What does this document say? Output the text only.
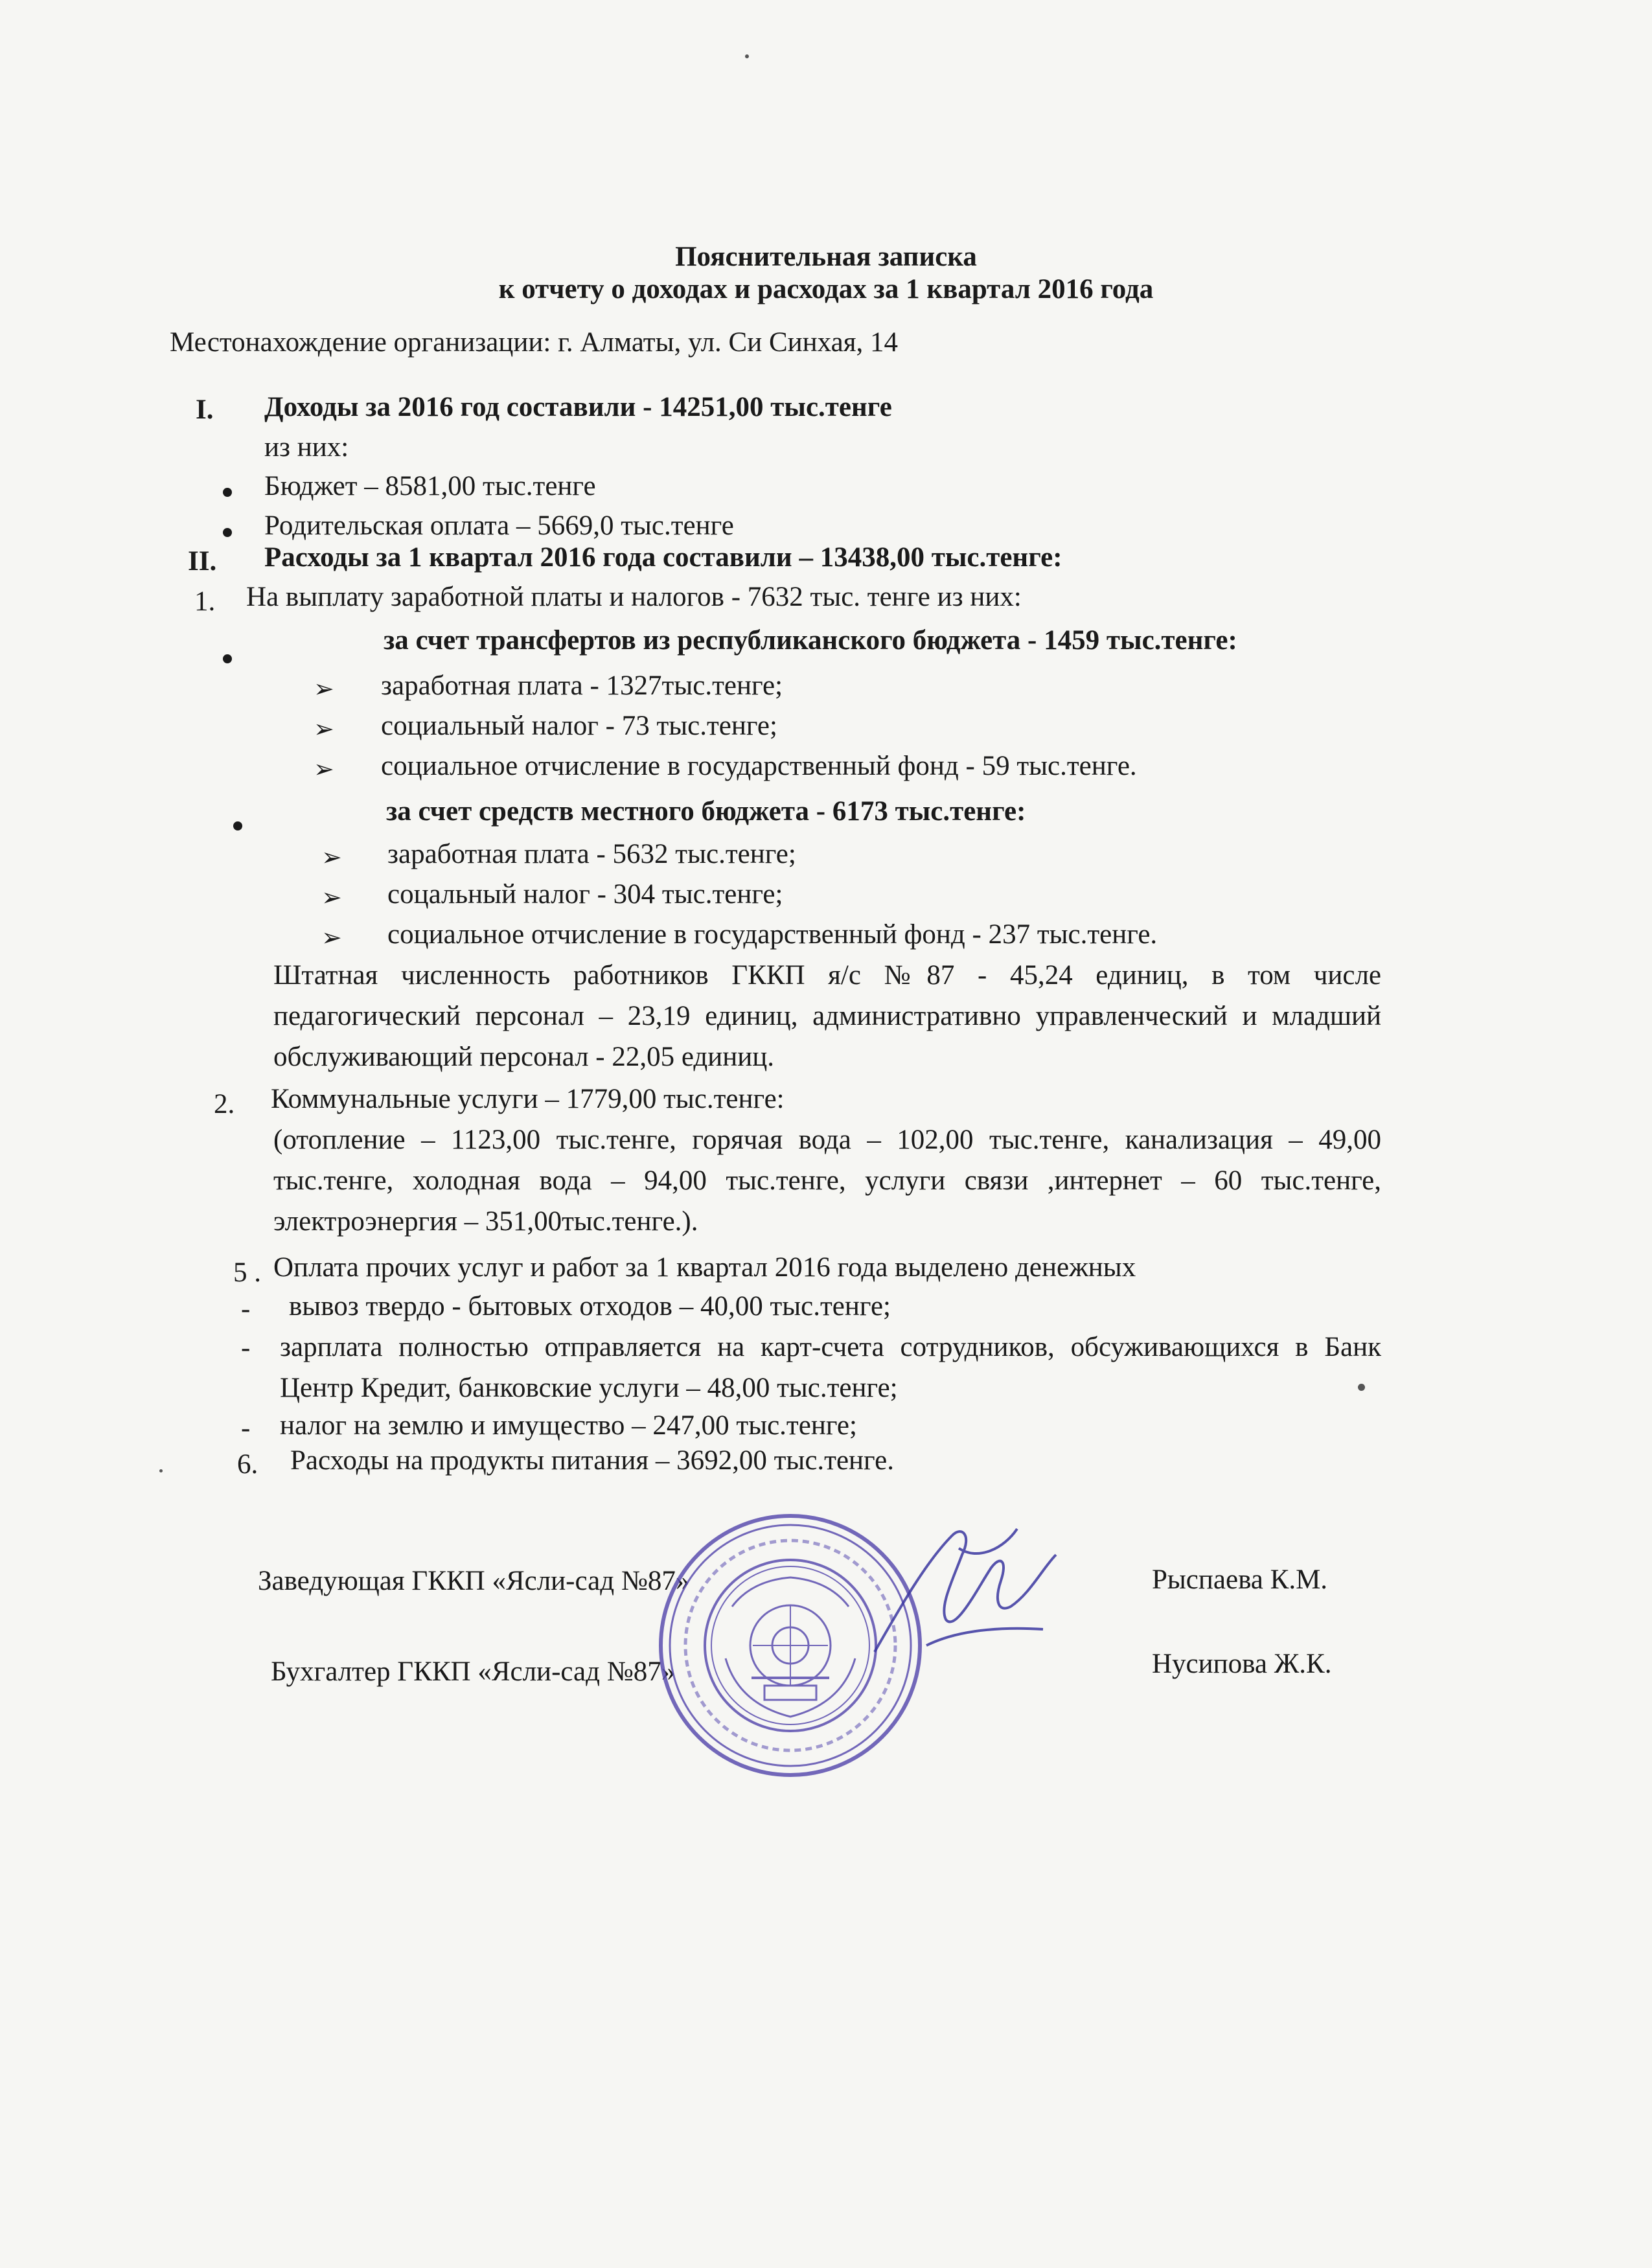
Пояснительная записка
к отчету о доходах и расходах за 1 квартал 2016 года
Местонахождение организации: г. Алматы, ул. Си Синхая, 14
I. Доходы за 2016 год составили - 14251,00 тыс.тенге
из них:
Бюджет – 8581,00 тыс.тенге
Родительская оплата – 5669,0 тыс.тенге
II. Расходы за 1 квартал 2016 года составили – 13438,00 тыс.тенге:
1. На выплату заработной платы и налогов - 7632 тыс. тенге из них:
за счет трансфертов из республиканского бюджета - 1459 тыс.тенге:
➢ заработная плата - 1327тыс.тенге;
➢ социальный налог - 73 тыс.тенге;
➢ социальное отчисление в государственный фонд - 59 тыс.тенге.
за счет средств местного бюджета - 6173 тыс.тенге:
➢ заработная плата - 5632 тыс.тенге;
➢ соцальный налог - 304 тыс.тенге;
➢ социальное отчисление в государственный фонд - 237 тыс.тенге.
Штатная численность работников ГККП я/с №87 - 45,24 единиц, в том числе педагогический персонал – 23,19 единиц, административно управленческий и младший обслуживающий персонал - 22,05 единиц.
2. Коммунальные услуги – 1779,00 тыс.тенге:
(отопление – 1123,00 тыс.тенге, горячая вода – 102,00 тыс.тенге, канализация – 49,00 тыс.тенге, холодная вода – 94,00 тыс.тенге, услуги связи ,интернет – 60 тыс.тенге, электроэнергия – 351,00тыс.тенге.).
5 . Оплата прочих услуг и работ за 1 квартал 2016 года выделено денежных
-	вывоз твердо - бытовых отходов – 40,00 тыс.тенге;
- зарплата полностью отправляется на карт-счета сотрудников, обсуживающихся в Банк Центр Кредит, банковские услуги – 48,00 тыс.тенге;
- налог на землю и имущество – 247,00 тыс.тенге;
6. Расходы на продукты питания – 3692,00 тыс.тенге.
Заведующая ГККП «Ясли-сад №87»	Рыспаева К.М.
Бухгалтер ГККП «Ясли-сад №87»	Нусипова Ж.К.
